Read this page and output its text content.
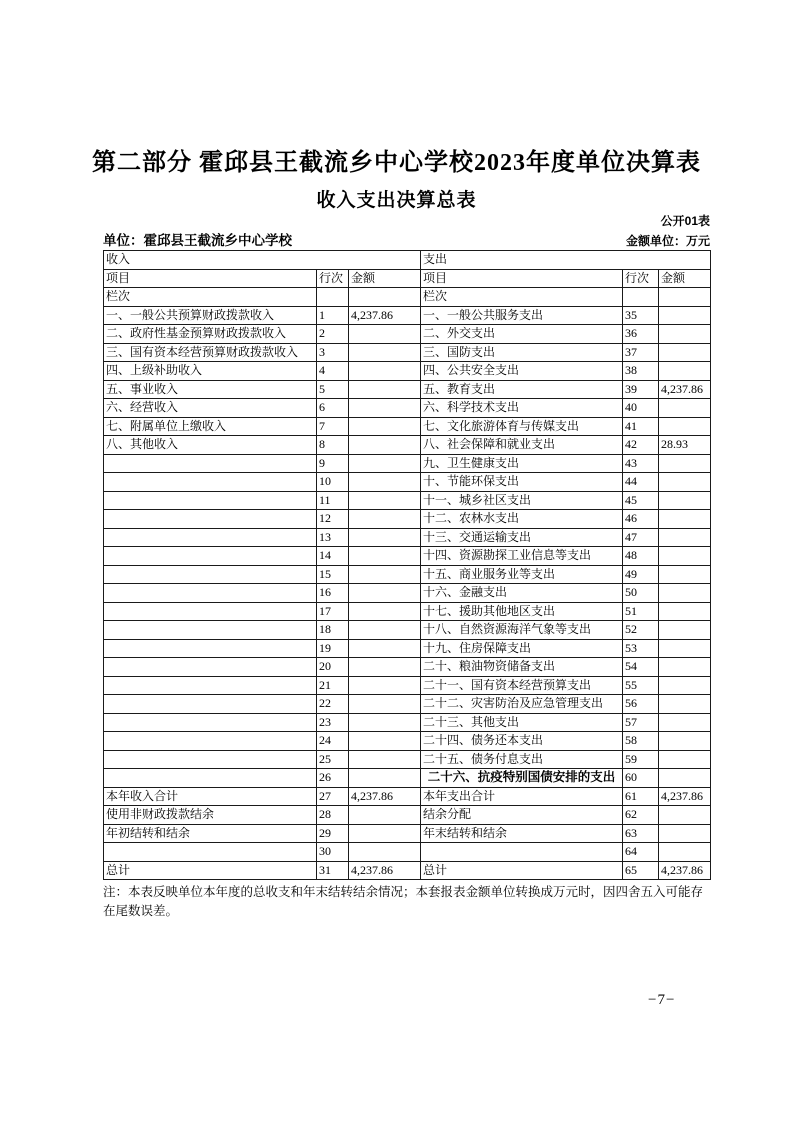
第二部分 霍邱县王截流乡中心学校2023年度单位决算表
收入支出决算总表
公开01表
单位：霍邱县王截流乡中心学校	金额单位：万元
收入			支出		
项目	行次	金额	项目	行次	金额
栏次			栏次		
一、一般公共预算财政拨款收入	1	4,237.86	一、一般公共服务支出	35	
二、政府性基金预算财政拨款收入	2		二、外交支出	36	
三、国有资本经营预算财政拨款收入	3		三、国防支出	37	
四、上级补助收入	4		四、公共安全支出	38	
五、事业收入	5		五、教育支出	39	4,237.86
六、经营收入	6		六、科学技术支出	40	
七、附属单位上缴收入	7		七、文化旅游体育与传媒支出	41	
八、其他收入	8		八、社会保障和就业支出	42	28.93
	9		九、卫生健康支出	43	
	10		十、节能环保支出	44	
	11		十一、城乡社区支出	45	
	12		十二、农林水支出	46	
	13		十三、交通运输支出	47	
	14		十四、资源勘探工业信息等支出	48	
	15		十五、商业服务业等支出	49	
	16		十六、金融支出	50	
	17		十七、援助其他地区支出	51	
	18		十八、自然资源海洋气象等支出	52	
	19		十九、住房保障支出	53	
	20		二十、粮油物资储备支出	54	
	21		二十一、国有资本经营预算支出	55	
	22		二十二、灾害防治及应急管理支出	56	
	23		二十三、其他支出	57	
	24		二十四、债务还本支出	58	
	25		二十五、债务付息支出	59	
	26		二十六、抗疫特别国债安排的支出	60	
本年收入合计	27	4,237.86	本年支出合计	61	4,237.86
使用非财政拨款结余	28		结余分配	62	
年初结转和结余	29		年末结转和结余	63	
	30			64	
总计	31	4,237.86	总计	65	4,237.86
注：本表反映单位本年度的总收支和年末结转结余情况；本套报表金额单位转换成万元时，因四舍五入可能存在尾数误差。
−7−
